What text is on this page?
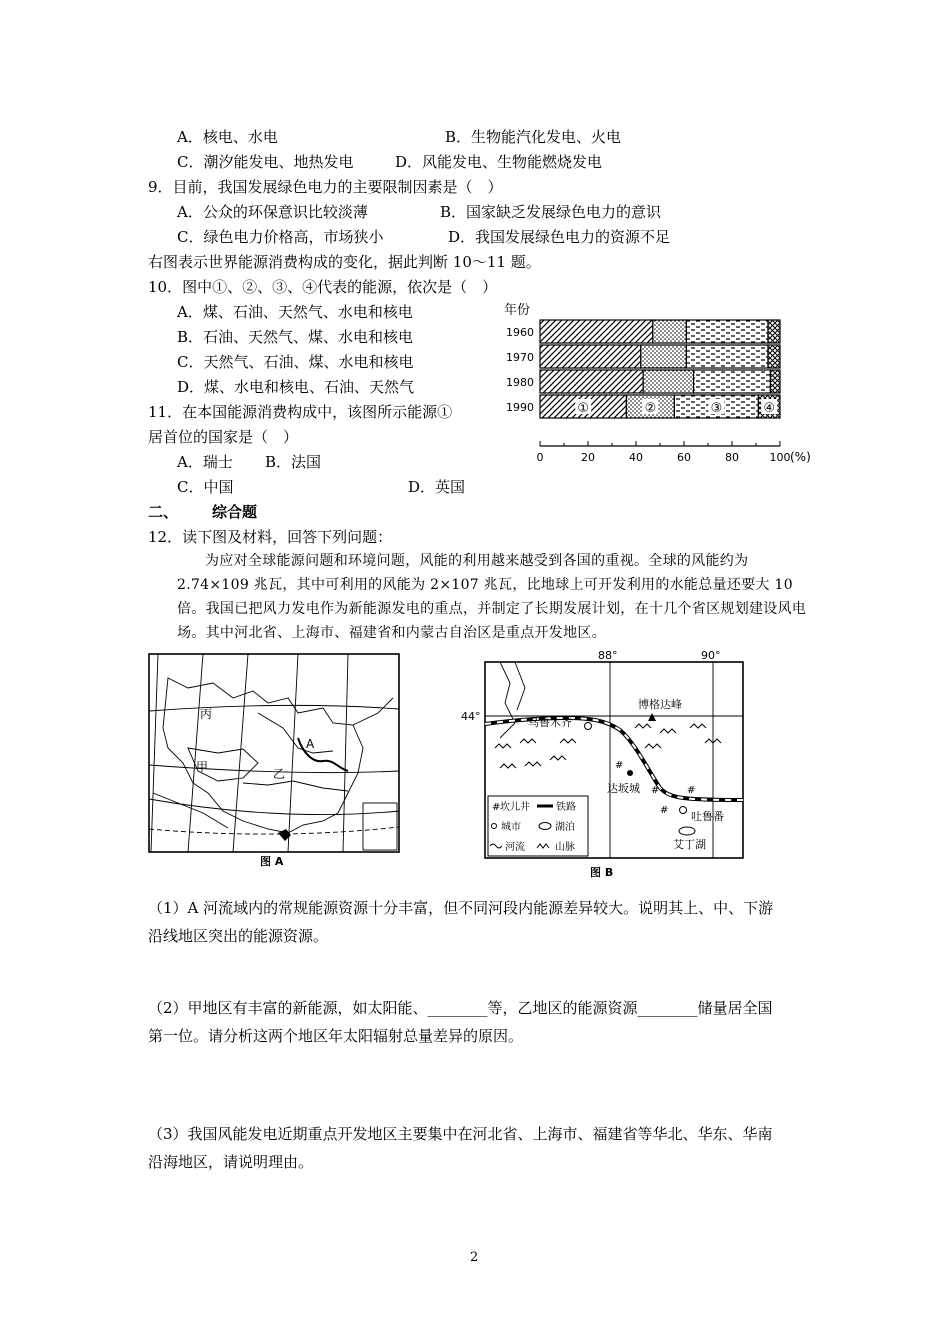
A．核电、水电	B．生物能汽化发电、火电
C．潮汐能发电、地热发电	D．风能发电、生物能燃烧发电
9．目前，我国发展绿色电力的主要限制因素是（　）
A．公众的环保意识比较淡薄	B．国家缺乏发展绿色电力的意识
C．绿色电力价格高，市场狭小	D．我国发展绿色电力的资源不足
右图表示世界能源消费构成的变化，据此判断 10～11 题。
10．图中①、②、③、④代表的能源，依次是（　）
A．煤、石油、天然气、水电和核电
B．石油、天然气、煤、水电和核电
C．天然气、石油、煤、水电和核电
D．煤、水电和核电、石油、天然气
11．在本国能源消费构成中，该图所示能源①
居首位的国家是（　）
A．瑞士 B．法国
C．中国	D．英国
1960
1970
1980
1990	①	②	③	④
0	20	40	60	80	100
年份
(%)
二、 综合题
12．读下图及材料，回答下列问题：
为应对全球能源问题和环境问题，风能的利用越来越受到各国的重视。全球的风能约为2.74×109 兆瓦，其中可利用的风能为 2×107 兆瓦，比地球上可开发利用的水能总量还要大 10 倍。我国已把风力发电作为新能源发电的重点，并制定了长期发展计划，在十几个省区规划建设风电场。其中河北省、上海市、福建省和内蒙古自治区是重点开发地区。
丙
甲	乙
A
图 A
#
#
#
#
88°	90°
44°	乌鲁木齐
博格达峰
达坂城
吐鲁番
艾丁湖
# 坎儿井	铁路
城市	湖泊
河流	山脉
图 B
（1）A 河流域内的常规能源资源十分丰富，但不同河段内能源差异较大。说明其上、中、下游
沿线地区突出的能源资源。
（2）甲地区有丰富的新能源，如太阳能、________等，乙地区的能源资源________储量居全国
第一位。请分析这两个地区年太阳辐射总量差异的原因。
（3）我国风能发电近期重点开发地区主要集中在河北省、上海市、福建省等华北、华东、华南
沿海地区，请说明理由。
2
